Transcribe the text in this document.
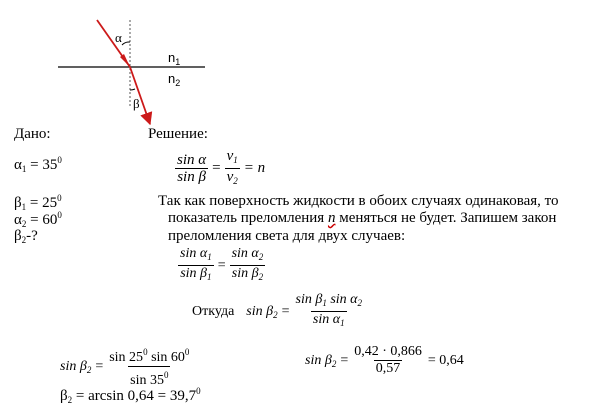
α
β
$n_1$
$n_2$
Дано:
$\alpha_1 = 35^0$
$\beta_1 = 25^0$
$\alpha_2 = 60^0$
$\beta_2-$?
Решение:
$\frac{\text{sin α}}{\text{sin β}} = \frac{v_1}{v_2} = n$
Так как поверхность жидкости в обоих случаях одинаковая, то
показатель преломления n меняться не будет. Запишем закон
преломления света для двух случаев:
$\frac{\sin \alpha_1}{\sin \beta_1} = \frac{\sin \alpha_2}{\sin \beta_2}$
Откуда $\sin \beta_2 = \frac{\sin \beta_1 \sin \alpha_2}{\sin \alpha_1}$
$\sin \beta_2 = \frac{\sin 25^0 \sin 60^0}{\sin 35^0}$	$\sin \beta_2 = \frac{0,42 \cdot 0,866}{0,57} = 0,64$
$\beta_2 = \arcsin 0,64 = 39,7^0$
